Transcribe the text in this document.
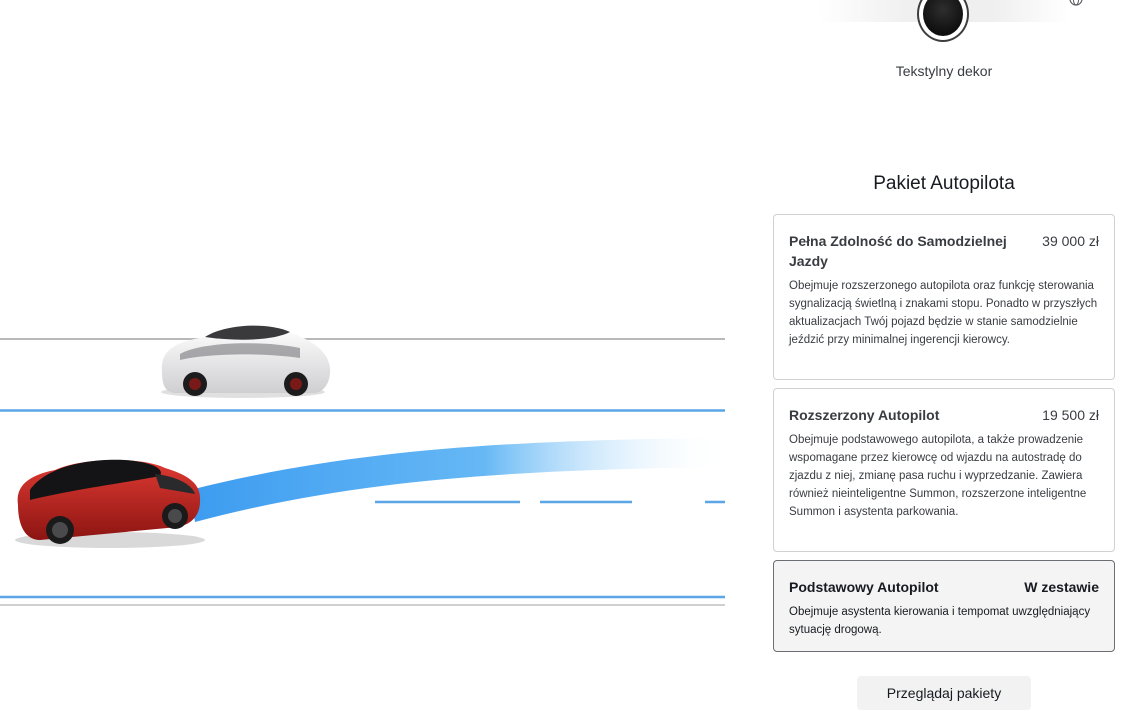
Tekstylny dekor
Pakiet Autopilota
Pełna Zdolność do Samodzielnej Jazdy
39 000 zł
Obejmuje rozszerzonego autopilota oraz funkcję sterowania sygnalizacją świetlną i znakami stopu. Ponadto w przyszłych aktualizacjach Twój pojazd będzie w stanie samodzielnie jeździć przy minimalnej ingerencji kierowcy.
Rozszerzony Autopilot	19 500 zł
Obejmuje podstawowego autopilota, a także prowadzenie wspomagane przez kierowcę od wjazdu na autostradę do zjazdu z niej, zmianę pasa ruchu i wyprzedzanie. Zawiera również nieinteligentne Summon, rozszerzone inteligentne Summon i asystenta parkowania.
Podstawowy Autopilot	W zestawie
Obejmuje asystenta kierowania i tempomat uwzględniający sytuację drogową.
Przeglądaj pakiety
